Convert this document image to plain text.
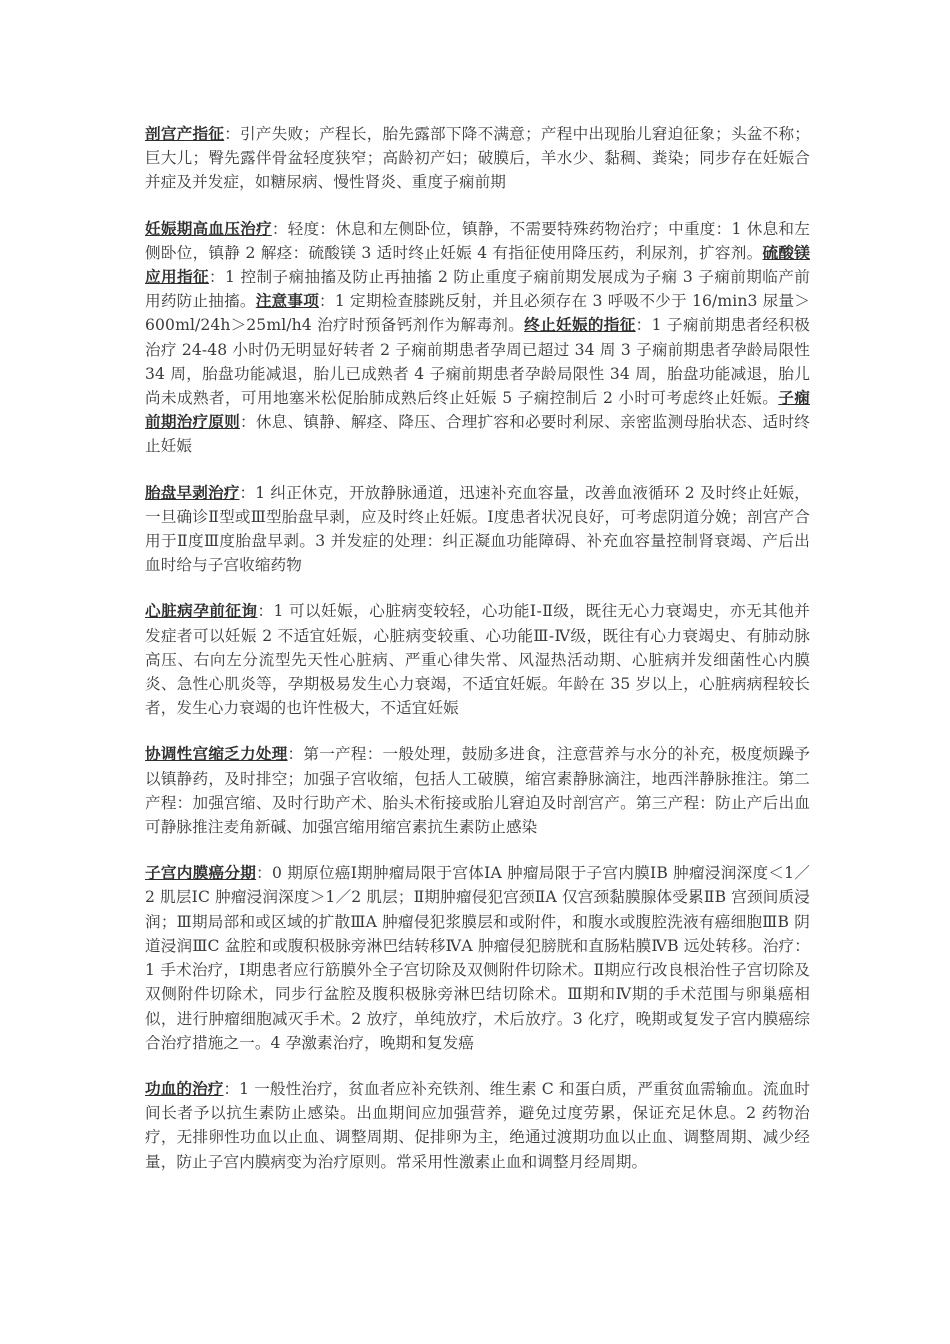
剖宫产指征：引产失败；产程长，胎先露部下降不满意；产程中出现胎儿窘迫征象；头盆不称；巨大儿；臀先露伴骨盆轻度狭窄；高龄初产妇；破膜后，羊水少、黏稠、粪染；同步存在妊娠合并症及并发症，如糖尿病、慢性肾炎、重度子痫前期

妊娠期高血压治疗：轻度：休息和左侧卧位，镇静，不需要特殊药物治疗；中重度：1 休息和左侧卧位，镇静 2 解痉：硫酸镁 3 适时终止妊娠 4 有指征使用降压药，利尿剂，扩容剂。硫酸镁应用指征：1 控制子痫抽搐及防止再抽搐 2 防止重度子痫前期发展成为子痫 3 子痫前期临产前用药防止抽搐。注意事项：1 定期检查膝跳反射，并且必须存在 3 呼吸不少于 16/min3 尿量＞600ml/24h＞25ml/h4 治疗时预备钙剂作为解毒剂。终止妊娠的指征：1 子痫前期患者经积极治疗 24-48 小时仍无明显好转者 2 子痫前期患者孕周已超过 34 周 3 子痫前期患者孕龄局限性 34 周，胎盘功能减退，胎儿已成熟者 4 子痫前期患者孕龄局限性 34 周，胎盘功能减退，胎儿尚未成熟者，可用地塞米松促胎肺成熟后终止妊娠 5 子痫控制后 2 小时可考虑终止妊娠。子痫前期治疗原则：休息、镇静、解痉、降压、合理扩容和必要时利尿、亲密监测母胎状态、适时终止妊娠

胎盘早剥治疗：1 纠正休克，开放静脉通道，迅速补充血容量，改善血液循环 2 及时终止妊娠，一旦确诊Ⅱ型或Ⅲ型胎盘早剥，应及时终止妊娠。Ⅰ度患者状况良好，可考虑阴道分娩；剖宫产合用于Ⅱ度Ⅲ度胎盘早剥。3 并发症的处理：纠正凝血功能障碍、补充血容量控制肾衰竭、产后出血时给与子宫收缩药物

心脏病孕前征询：1 可以妊娠，心脏病变较轻，心功能Ⅰ-Ⅱ级，既往无心力衰竭史，亦无其他并发症者可以妊娠 2 不适宜妊娠，心脏病变较重、心功能Ⅲ-Ⅳ级，既往有心力衰竭史、有肺动脉高压、右向左分流型先天性心脏病、严重心律失常、风湿热活动期、心脏病并发细菌性心内膜炎、急性心肌炎等，孕期极易发生心力衰竭，不适宜妊娠。年龄在 35 岁以上，心脏病病程较长者，发生心力衰竭的也许性极大，不适宜妊娠

协调性宫缩乏力处理：第一产程：一般处理，鼓励多进食，注意营养与水分的补充，极度烦躁予以镇静药，及时排空；加强子宫收缩，包括人工破膜，缩宫素静脉滴注，地西泮静脉推注。第二产程：加强宫缩、及时行助产术、胎头术衔接或胎儿窘迫及时剖宫产。第三产程：防止产后出血可静脉推注麦角新碱、加强宫缩用缩宫素抗生素防止感染

子宫内膜癌分期：0 期原位癌Ⅰ期肿瘤局限于宫体ⅠA 肿瘤局限于子宫内膜ⅠB 肿瘤浸润深度＜1／2 肌层ⅠC 肿瘤浸润深度＞1／2 肌层；Ⅱ期肿瘤侵犯宫颈ⅡA 仅宫颈黏膜腺体受累ⅡB 宫颈间质浸润；Ⅲ期局部和或区域的扩散ⅢA 肿瘤侵犯浆膜层和或附件，和腹水或腹腔洗液有癌细胞ⅢB 阴道浸润ⅢC 盆腔和或腹积极脉旁淋巴结转移ⅣA 肿瘤侵犯膀胱和直肠粘膜ⅣB 远处转移。治疗：1 手术治疗，Ⅰ期患者应行筋膜外全子宫切除及双侧附件切除术。Ⅱ期应行改良根治性子宫切除及双侧附件切除术，同步行盆腔及腹积极脉旁淋巴结切除术。Ⅲ期和Ⅳ期的手术范围与卵巢癌相似，进行肿瘤细胞减灭手术。2 放疗，单纯放疗，术后放疗。3 化疗，晚期或复发子宫内膜癌综合治疗措施之一。4 孕激素治疗，晚期和复发癌

功血的治疗：1 一般性治疗，贫血者应补充铁剂、维生素 C 和蛋白质，严重贫血需输血。流血时间长者予以抗生素防止感染。出血期间应加强营养，避免过度劳累，保证充足休息。2 药物治疗，无排卵性功血以止血、调整周期、促排卵为主，绝通过渡期功血以止血、调整周期、减少经量，防止子宫内膜病变为治疗原则。常采用性激素止血和调整月经周期。
